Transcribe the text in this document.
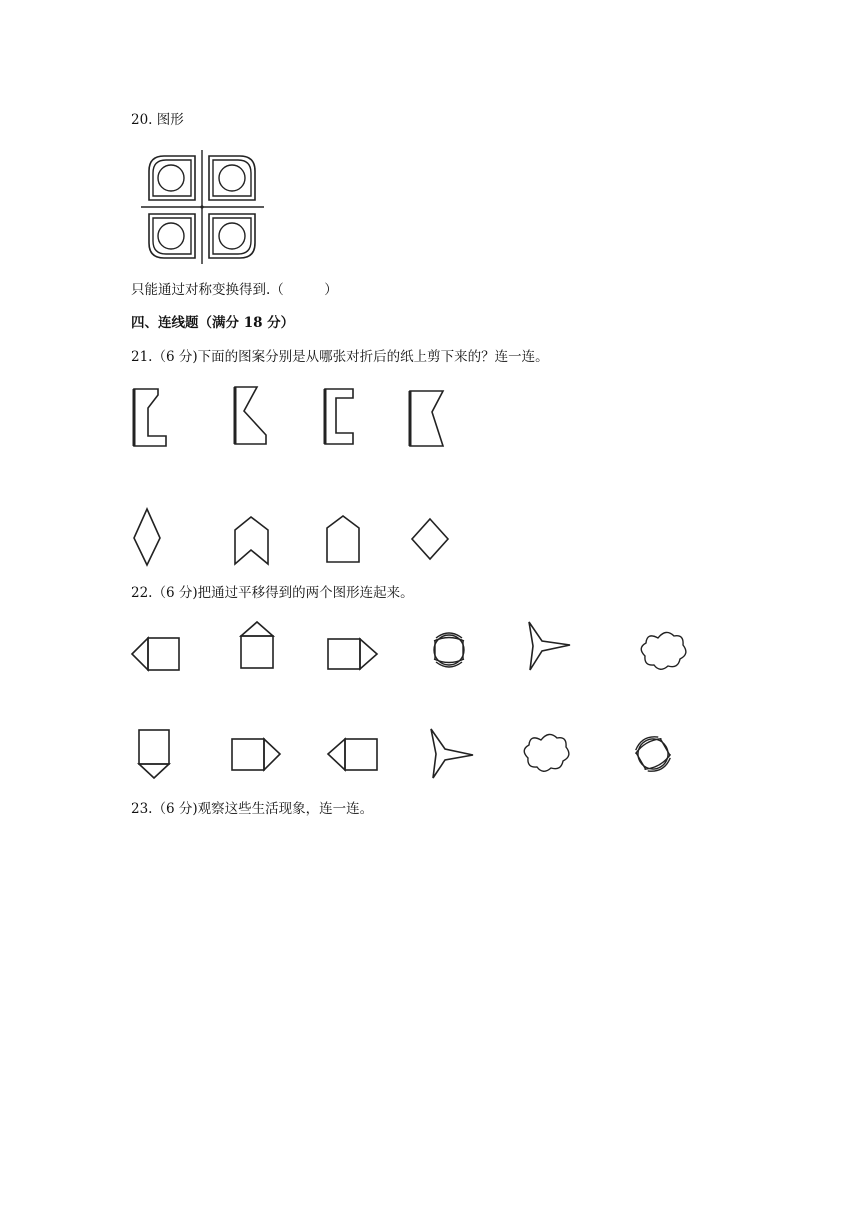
20. 图形
只能通过对称变换得到.（　　　）
四、连线题（满分 18 分）
21.（6 分)下面的图案分别是从哪张对折后的纸上剪下来的？连一连。
22.（6 分)把通过平移得到的两个图形连起来。
23.（6 分)观察这些生活现象，连一连。
